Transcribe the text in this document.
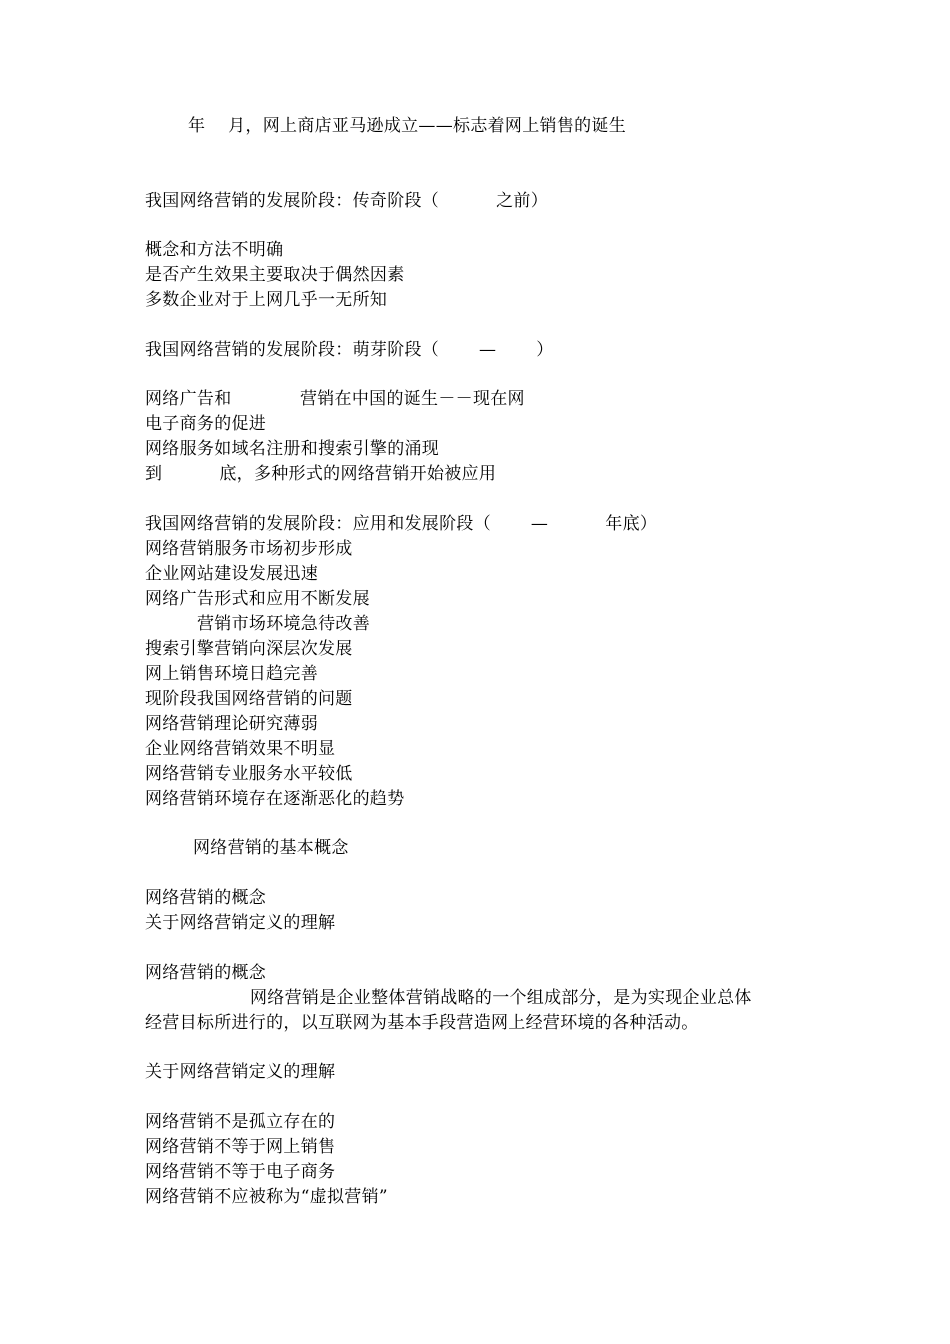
年    月，网上商店亚马逊成立——标志着网上销售的诞生
我国网络营销的发展阶段：传奇阶段（          之前）
概念和方法不明确
是否产生效果主要取决于偶然因素
多数企业对于上网几乎一无所知
我国网络营销的发展阶段：萌芽阶段（       —       ）
网络广告和            营销在中国的诞生－－现在网
电子商务的促进
网络服务如域名注册和搜索引擎的涌现
到          底，多种形式的网络营销开始被应用
我国网络营销的发展阶段：应用和发展阶段（       —          年底）
网络营销服务市场初步形成
企业网站建设发展迅速
网络广告形式和应用不断发展
营销市场环境急待改善
搜索引擎营销向深层次发展
网上销售环境日趋完善
现阶段我国网络营销的问题
网络营销理论研究薄弱
企业网络营销效果不明显
网络营销专业服务水平较低
网络营销环境存在逐渐恶化的趋势
网络营销的基本概念
网络营销的概念
关于网络营销定义的理解
网络营销的概念
网络营销是企业整体营销战略的一个组成部分，是为实现企业总体
经营目标所进行的，以互联网为基本手段营造网上经营环境的各种活动。
关于网络营销定义的理解
网络营销不是孤立存在的
网络营销不等于网上销售
网络营销不等于电子商务
网络营销不应被称为“虚拟营销”
